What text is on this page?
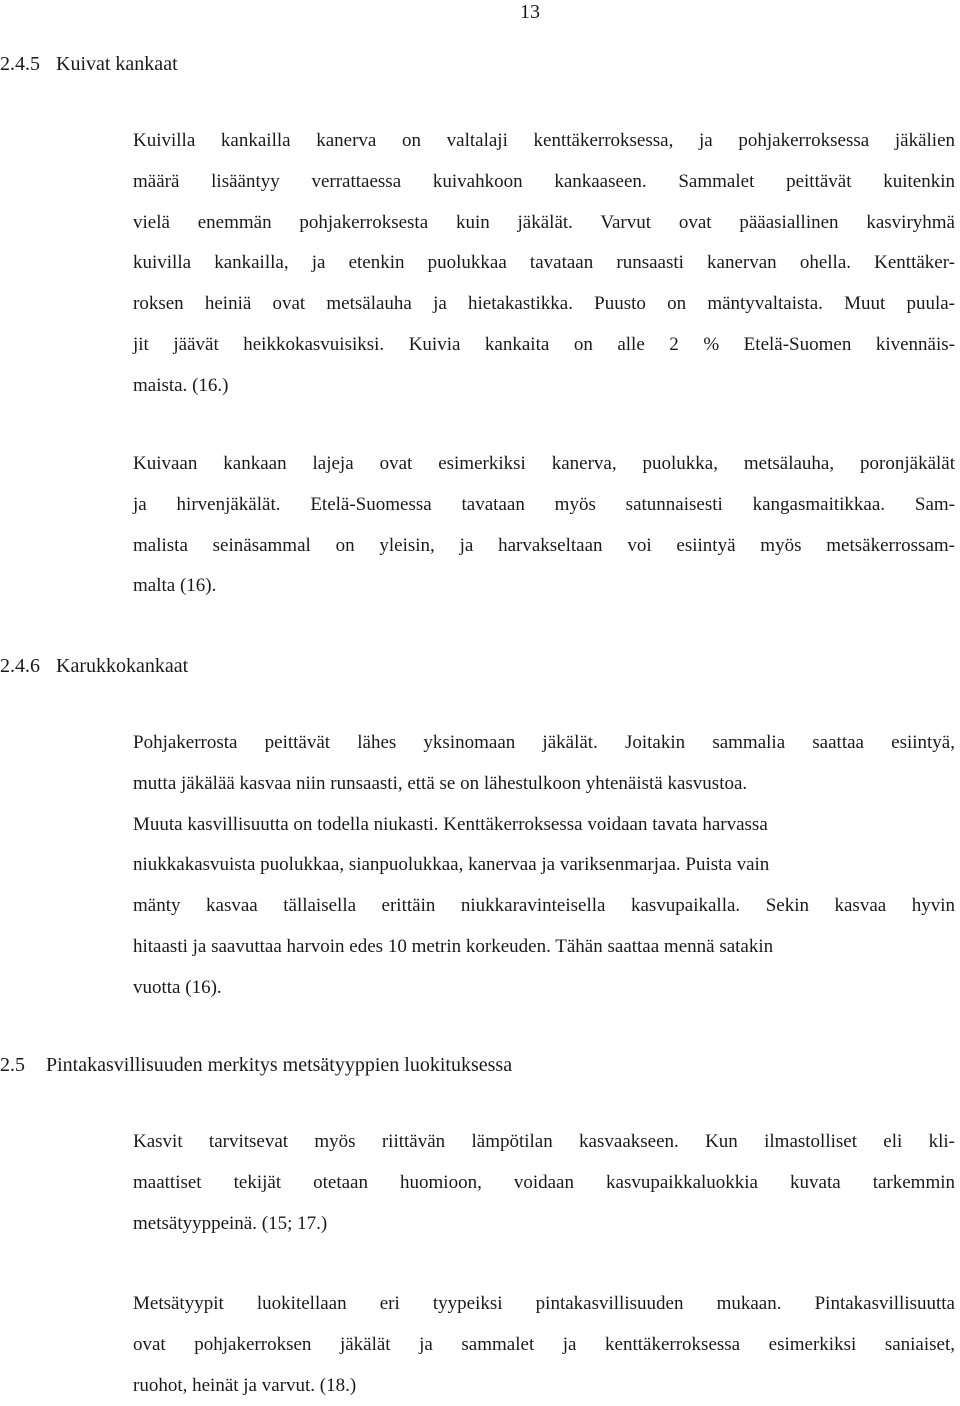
13
2.4.5 Kuivat kankaat
Kuivilla kankailla kanerva on valtalaji kenttäkerroksessa, ja pohjakerroksessa jäkälien
määrä lisääntyy verrattaessa kuivahkoon kankaaseen. Sammalet peittävät kuitenkin
vielä enemmän pohjakerroksesta kuin jäkälät. Varvut ovat pääasiallinen kasviryhmä
kuivilla kankailla, ja etenkin puolukkaa tavataan runsaasti kanervan ohella. Kenttäker-
roksen heiniä ovat metsälauha ja hietakastikka. Puusto on mäntyvaltaista. Muut puula-
jit jäävät heikkokasvuisiksi. Kuivia kankaita on alle 2 % Etelä-Suomen kivennäis-
maista. (16.)
Kuivaan kankaan lajeja ovat esimerkiksi kanerva, puolukka, metsälauha, poronjäkälät
ja hirvenjäkälät. Etelä-Suomessa tavataan myös satunnaisesti kangasmaitikkaa. Sam-
malista seinäsammal on yleisin, ja harvakseltaan voi esiintyä myös metsäkerrossam-
malta (16).
2.4.6 Karukkokankaat
Pohjakerrosta peittävät lähes yksinomaan jäkälät. Joitakin sammalia saattaa esiintyä,
mutta jäkälää kasvaa niin runsaasti, että se on lähestulkoon yhtenäistä kasvustoa.
Muuta kasvillisuutta on todella niukasti. Kenttäkerroksessa voidaan tavata harvassa
niukkakasvuista puolukkaa, sianpuolukkaa, kanervaa ja variksenmarjaa. Puista vain
mänty kasvaa tällaisella erittäin niukkaravinteisella kasvupaikalla. Sekin kasvaa hyvin
hitaasti ja saavuttaa harvoin edes 10 metrin korkeuden. Tähän saattaa mennä satakin
vuotta (16).
2.5 Pintakasvillisuuden merkitys metsätyyppien luokituksessa
Kasvit tarvitsevat myös riittävän lämpötilan kasvaakseen. Kun ilmastolliset eli kli-
maattiset tekijät otetaan huomioon, voidaan kasvupaikkaluokkia kuvata tarkemmin
metsätyyppeinä. (15; 17.)
Metsätyypit luokitellaan eri tyypeiksi pintakasvillisuuden mukaan. Pintakasvillisuutta
ovat pohjakerroksen jäkälät ja sammalet ja kenttäkerroksessa esimerkiksi saniaiset,
ruohot, heinät ja varvut. (18.)
